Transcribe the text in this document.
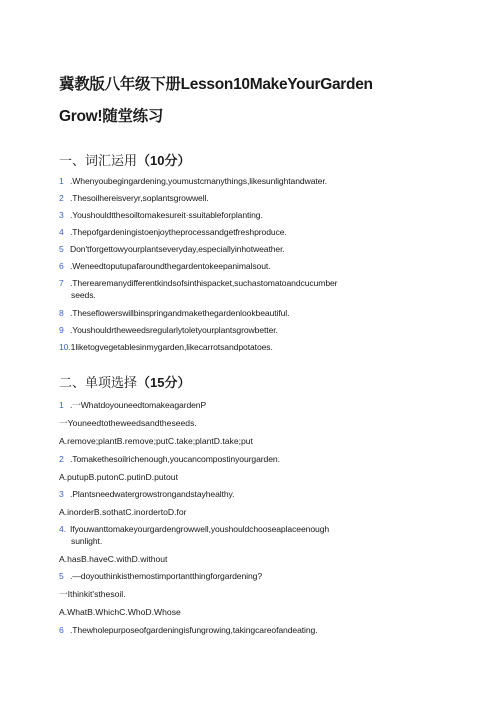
冀教版八年级下册Lesson10MakeYourGarden
Grow!随堂练习
一、词汇运用（10分）
1 .Whenyoubegingardening,youmustcmanythings,likesunlightandwater.
2 .Thesoilhereisveryr,soplantsgrowwell.
3 .Youshouldtthesoiltomakesureit·ssuitableforplanting.
4 .Thepofgardeningistoenjoytheprocessandgetfreshproduce.
5 Don'tforgettowyourplantseveryday,especiallyinhotweather.
6 .Weneedtoputupafaroundthegardentokeepanimalsout.
7 .Therearemanydifferentkindsofsinthispacket,suchastomatoandcucumber
seeds.
8 .Theseflowerswillbinspringandmakethegardenlookbeautiful.
9 .Youshouldrtheweedsregularlytoletyourplantsgrowbetter.
10.1liketogvegetablesinmygarden,likecarrotsandpotatoes.
二、单项选择（15分）
1 .一WhatdoyouneedtomakeagardenP
一Youneedtotheweedsandtheseeds.
A.remove;plantB.remove;putC.take;plantD.take;put
2 .Tomakethesoilrichenough,youcancompostinyourgarden.
A.putupB.putonC.putinD.putout
3 .Plantsneedwatergrowstrongandstayhealthy.
A.inorderB.sothatC.inordertoD.for
4. Ifyouwanttomakeyourgardengrowwell,youshouldchooseaplaceenough
sunlight.
A.hasB.haveC.withD.without
5 .—doyouthinkisthemostimportantthingforgardening?
一Ithinkit'sthesoil.
A.WhatB.WhichC.WhoD.Whose
6 .Thewholepurposeofgardeningisfungrowing,takingcareofandeating.
